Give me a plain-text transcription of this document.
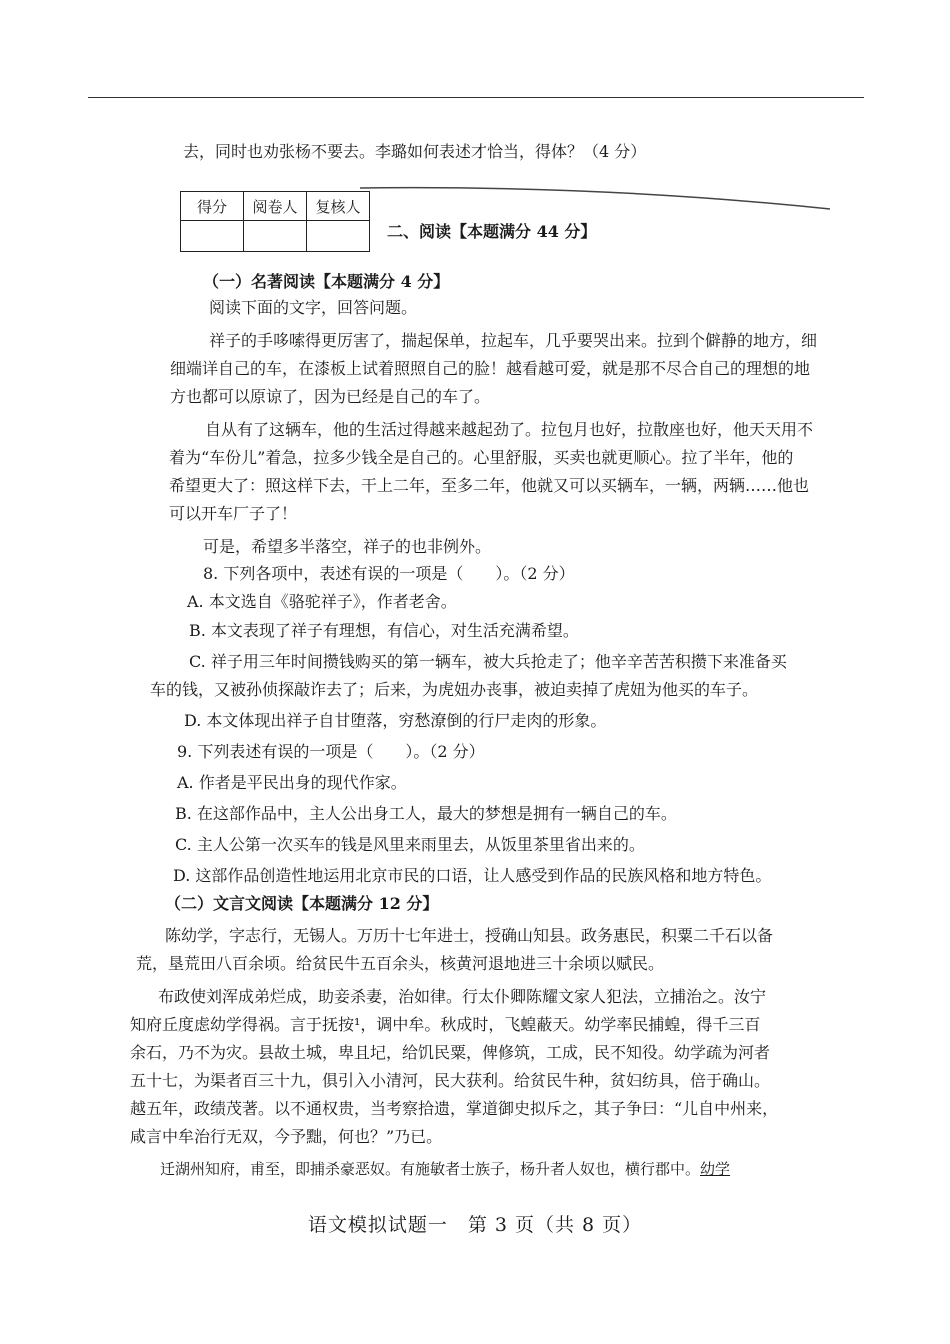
去，同时也劝张杨不要去。李璐如何表述才恰当，得体？（4 分）
得分	阅卷人	复核人

二、阅读【本题满分 44 分】
（一）名著阅读【本题满分 4 分】
阅读下面的文字，回答问题。
祥子的手哆嗦得更厉害了，揣起保单，拉起车，几乎要哭出来。拉到个僻静的地方，细
细端详自己的车，在漆板上试着照照自己的脸！越看越可爱，就是那不尽合自己的理想的地
方也都可以原谅了，因为已经是自己的车了。
自从有了这辆车，他的生活过得越来越起劲了。拉包月也好，拉散座也好，他天天用不
着为“车份儿”着急，拉多少钱全是自己的。心里舒服，买卖也就更顺心。拉了半年，他的
希望更大了：照这样下去，干上二年，至多二年，他就又可以买辆车，一辆，两辆……他也
可以开车厂子了！
可是，希望多半落空，祥子的也非例外。
8. 下列各项中，表述有误的一项是（　　）。（2 分）
A. 本文选自《骆驼祥子》，作者老舍。
B. 本文表现了祥子有理想，有信心，对生活充满希望。
C. 祥子用三年时间攒钱购买的第一辆车，被大兵抢走了；他辛辛苦苦积攒下来准备买
车的钱，又被孙侦探敲诈去了；后来，为虎妞办丧事，被迫卖掉了虎妞为他买的车子。
D. 本文体现出祥子自甘堕落，穷愁潦倒的行尸走肉的形象。
9. 下列表述有误的一项是（　　）。（2 分）
A. 作者是平民出身的现代作家。
B. 在这部作品中，主人公出身工人，最大的梦想是拥有一辆自己的车。
C. 主人公第一次买车的钱是风里来雨里去，从饭里茶里省出来的。
D. 这部作品创造性地运用北京市民的口语，让人感受到作品的民族风格和地方特色。
（二）文言文阅读【本题满分 12 分】
陈幼学，字志行，无锡人。万历十七年进士，授确山知县。政务惠民，积粟二千石以备
荒，垦荒田八百余顷。给贫民牛五百余头，核黄河退地进三十余顷以赋民。
布政使刘浑成弟烂成，助妾杀妻，治如律。行太仆卿陈耀文家人犯法，立捕治之。汝宁
知府丘度虑幼学得祸。言于抚按¹，调中牟。秋成时，飞蝗蔽天。幼学率民捕蝗，得千三百
余石，乃不为灾。县故土城，卑且圮，给饥民粟，俾修筑，工成，民不知役。幼学疏为河者
五十七，为渠者百三十九，俱引入小清河，民大获利。给贫民牛种，贫妇纺具，倍于确山。
越五年，政绩茂著。以不通权贵，当考察拾遗，掌道御史拟斥之，其子争曰：“儿自中州来，
咸言中牟治行无双，今予黜，何也？”乃已。
迁湖州知府，甫至，即捕杀豪恶奴。有施敏者士族子，杨升者人奴也，横行郡中。幼学
语文模拟试题一　第 3 页（共 8 页）
